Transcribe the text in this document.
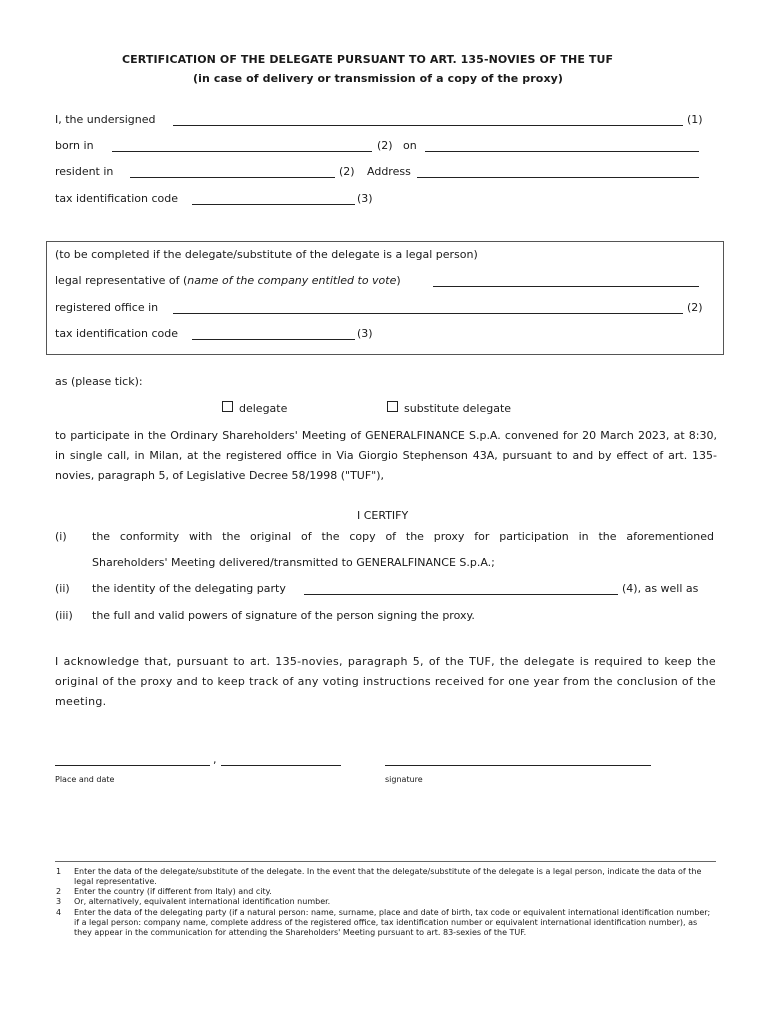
CERTIFICATION OF THE DELEGATE PURSUANT TO ART. 135-NOVIES OF THE TUF
(in case of delivery or transmission of a copy of the proxy)
I, the undersigned	(1)
born in	(2) on
resident in	(2) Address
tax identification code	(3)
(to be completed if the delegate/substitute of the delegate is a legal person)
legal representative of (name of the company entitled to vote)
registered office in	(2)
tax identification code	(3)
as (please tick):
delegate	substitute delegate
to participate in the Ordinary Shareholders' Meeting of GENERALFINANCE S.p.A. convened for 20 March 2023, at 8:30, in single call, in Milan, at the registered office in Via Giorgio Stephenson 43A, pursuant to and by effect of art. 135-novies, paragraph 5, of Legislative Decree 58/1998 ("TUF"),
I CERTIFY
(i) the conformity with the original of the copy of the proxy for participation in the aforementioned
Shareholders' Meeting delivered/transmitted to GENERALFINANCE S.p.A.;
(ii) the identity of the delegating party	(4), as well as
(iii) the full and valid powers of signature of the person signing the proxy.
I acknowledge that, pursuant to art. 135-novies, paragraph 5, of the TUF, the delegate is required to keep the original of the proxy and to keep track of any voting instructions received for one year from the conclusion of the meeting.
,
Place and date	signature
1 Enter the data of the delegate/substitute of the delegate. In the event that the delegate/substitute of the delegate is a legal person, indicate the data of the legal representative.
2 Enter the country (if different from Italy) and city.
3 Or, alternatively, equivalent international identification number.
4 Enter the data of the delegating party (if a natural person: name, surname, place and date of birth, tax code or equivalent international identification number; if a legal person: company name, complete address of the registered office, tax identification number or equivalent international identification number), as they appear in the communication for attending the Shareholders' Meeting pursuant to art. 83-sexies of the TUF.
